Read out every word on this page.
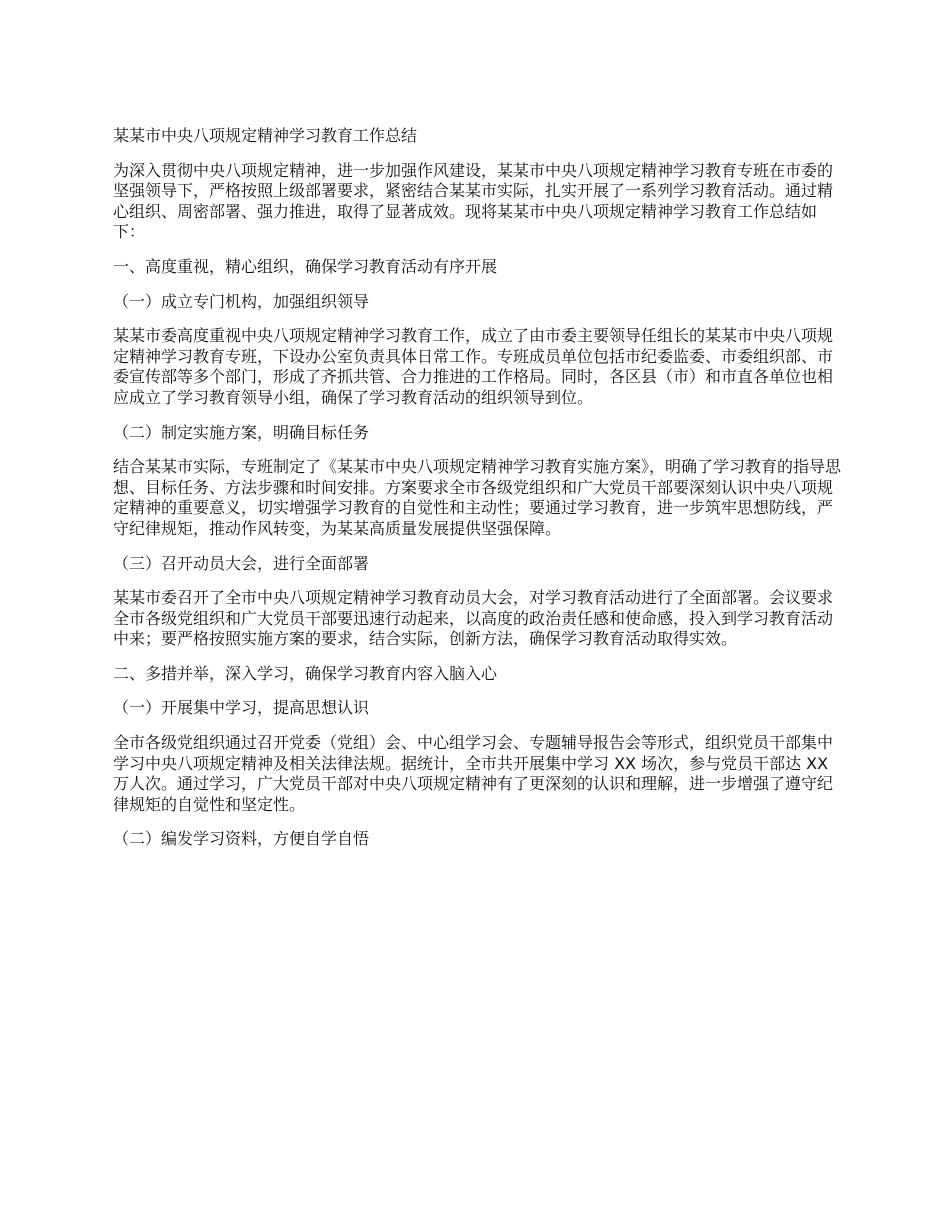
某某市中央八项规定精神学习教育工作总结

为深入贯彻中央八项规定精神，进一步加强作风建设，某某市中央八项规定精神学习教育专班在市委的坚强领导下，严格按照上级部署要求，紧密结合某某市实际，扎实开展了一系列学习教育活动。通过精心组织、周密部署、强力推进，取得了显著成效。现将某某市中央八项规定精神学习教育工作总结如下：

一、高度重视，精心组织，确保学习教育活动有序开展

（一）成立专门机构，加强组织领导

某某市委高度重视中央八项规定精神学习教育工作，成立了由市委主要领导任组长的某某市中央八项规定精神学习教育专班，下设办公室负责具体日常工作。专班成员单位包括市纪委监委、市委组织部、市委宣传部等多个部门，形成了齐抓共管、合力推进的工作格局。同时，各区县（市）和市直各单位也相应成立了学习教育领导小组，确保了学习教育活动的组织领导到位。

（二）制定实施方案，明确目标任务

结合某某市实际，专班制定了《某某市中央八项规定精神学习教育实施方案》，明确了学习教育的指导思想、目标任务、方法步骤和时间安排。方案要求全市各级党组织和广大党员干部要深刻认识中央八项规定精神的重要意义，切实增强学习教育的自觉性和主动性；要通过学习教育，进一步筑牢思想防线，严守纪律规矩，推动作风转变，为某某高质量发展提供坚强保障。

（三）召开动员大会，进行全面部署

某某市委召开了全市中央八项规定精神学习教育动员大会，对学习教育活动进行了全面部署。会议要求全市各级党组织和广大党员干部要迅速行动起来，以高度的政治责任感和使命感，投入到学习教育活动中来；要严格按照实施方案的要求，结合实际，创新方法，确保学习教育活动取得实效。

二、多措并举，深入学习，确保学习教育内容入脑入心

（一）开展集中学习，提高思想认识

全市各级党组织通过召开党委（党组）会、中心组学习会、专题辅导报告会等形式，组织党员干部集中学习中央八项规定精神及相关法律法规。据统计，全市共开展集中学习 XX 场次，参与党员干部达 XX 万人次。通过学习，广大党员干部对中央八项规定精神有了更深刻的认识和理解，进一步增强了遵守纪律规矩的自觉性和坚定性。

（二）编发学习资料，方便自学自悟
